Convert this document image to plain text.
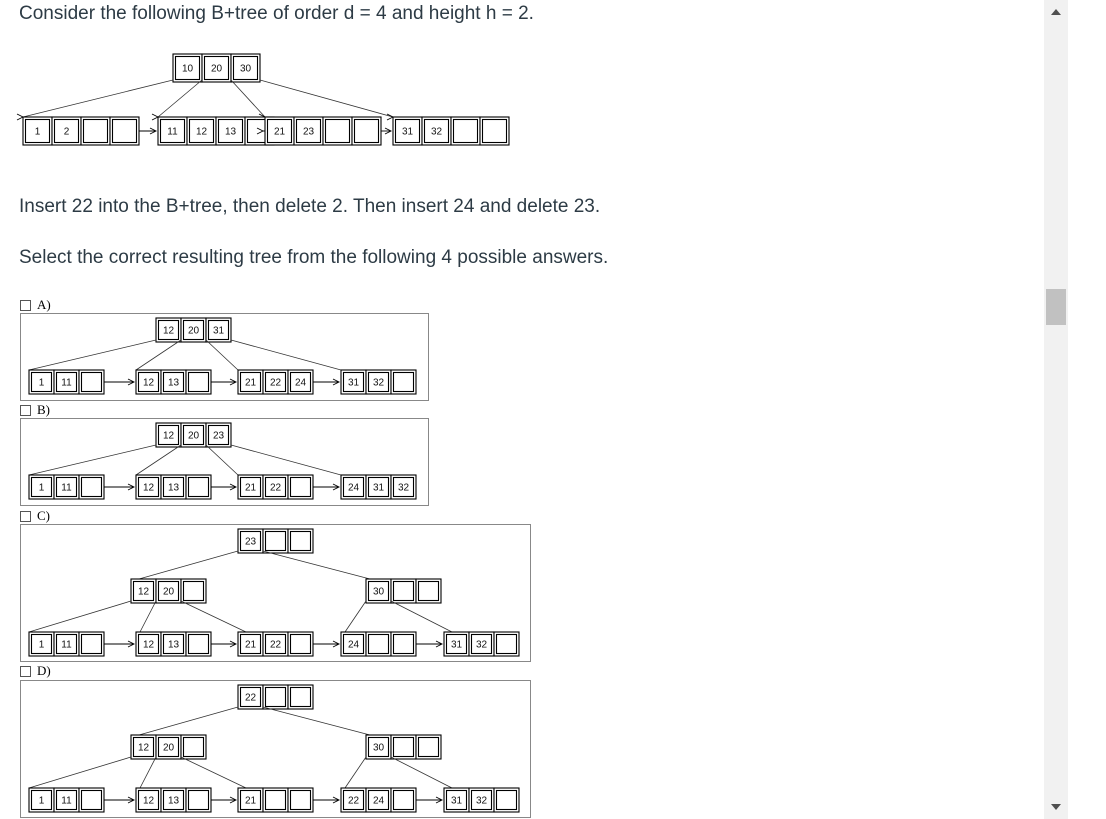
Consider the following B+tree of order d = 4 and height h = 2.

10 20 30
1 2	11 12 13	21 23	31 32

Insert 22 into the B+tree, then delete 2. Then insert 24 and delete 23.

Select the correct resulting tree from the following 4 possible answers.

A)
12 20 31
1 11	12 13	21 22 24	31 32
B)
12 20 23
1 11	12 13	21 22	24 31 32
C)
23
12 20	30
1 11	12 13	21 22	24	31 32
D)
22
12 20	30
1 11	12 13	21	22 24	31 32
